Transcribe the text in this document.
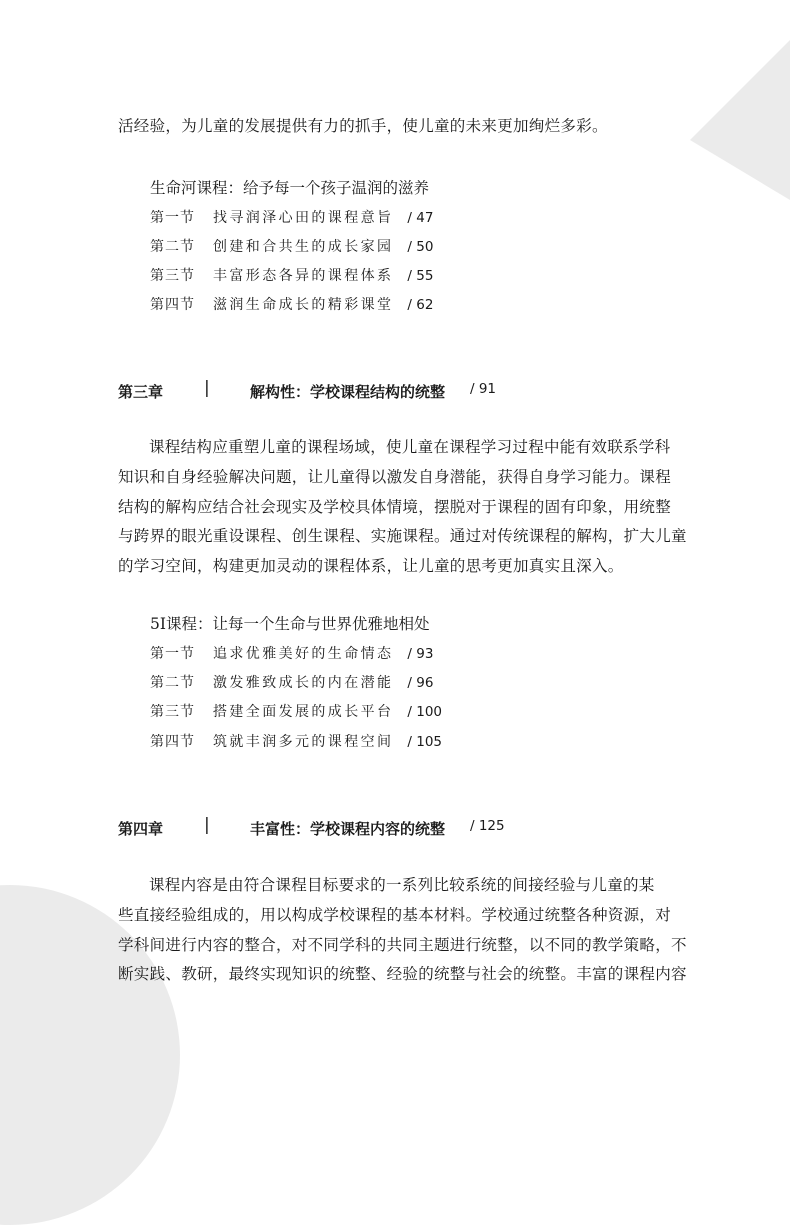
活经验，为儿童的发展提供有力的抓手，使儿童的未来更加绚烂多彩。
生命河课程：给予每一个孩子温润的滋养
第一节	找寻润泽心田的课程意旨 / 47
第二节	创建和合共生的成长家园 / 50
第三节	丰富形态各异的课程体系 / 55
第四节	滋润生命成长的精彩课堂 / 62
第三章 |	解构性：学校课程结构的统整 / 91
课程结构应重塑儿童的课程场域，使儿童在课程学习过程中能有效联系学科
知识和自身经验解决问题，让儿童得以激发自身潜能，获得自身学习能力。课程
结构的解构应结合社会现实及学校具体情境，摆脱对于课程的固有印象，用统整
与跨界的眼光重设课程、创生课程、实施课程。通过对传统课程的解构，扩大儿童
的学习空间，构建更加灵动的课程体系，让儿童的思考更加真实且深入。
5I课程：让每一个生命与世界优雅地相处
第一节	追求优雅美好的生命情态 / 93
第二节	激发雅致成长的内在潜能 / 96
第三节	搭建全面发展的成长平台 / 100
第四节	筑就丰润多元的课程空间 / 105
第四章 |	丰富性：学校课程内容的统整 / 125
课程内容是由符合课程目标要求的一系列比较系统的间接经验与儿童的某
些直接经验组成的，用以构成学校课程的基本材料。学校通过统整各种资源，对
学科间进行内容的整合，对不同学科的共同主题进行统整，以不同的教学策略，不
断实践、教研，最终实现知识的统整、经验的统整与社会的统整。丰富的课程内容
